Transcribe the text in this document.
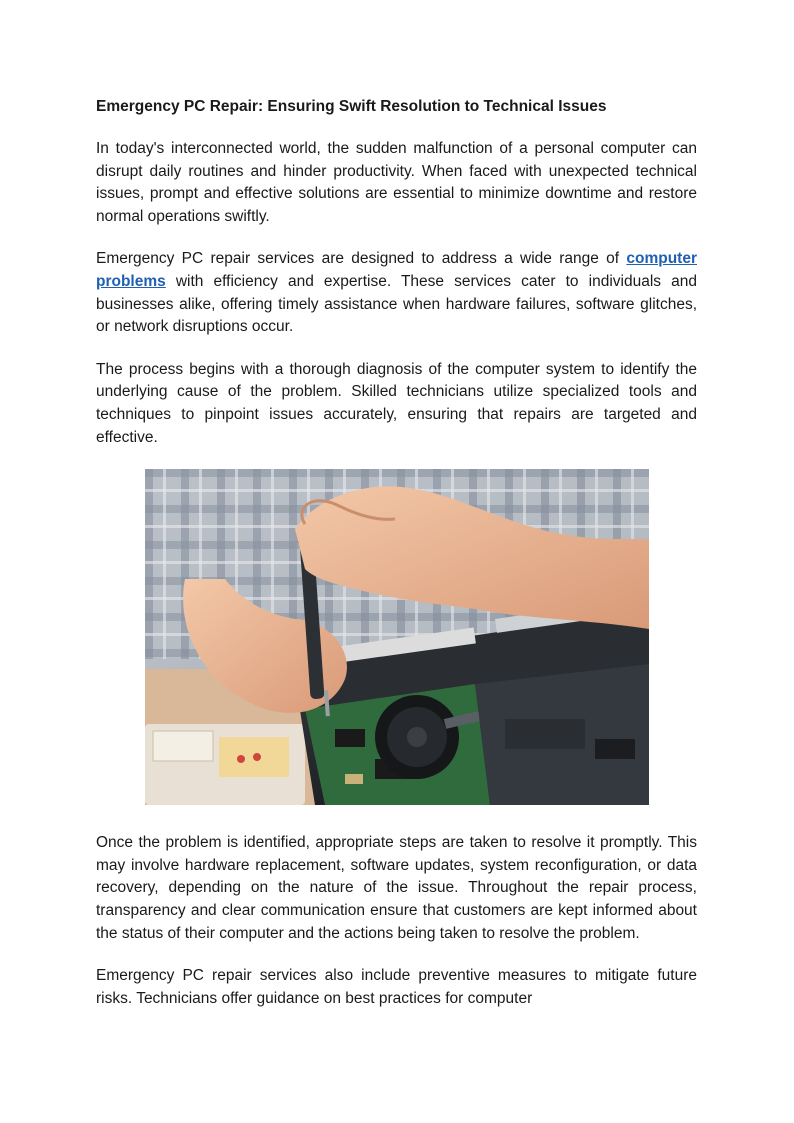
Emergency PC Repair: Ensuring Swift Resolution to Technical Issues

In today's interconnected world, the sudden malfunction of a personal computer can disrupt daily routines and hinder productivity. When faced with unexpected technical issues, prompt and effective solutions are essential to minimize downtime and restore normal operations swiftly.

Emergency PC repair services are designed to address a wide range of computer problems with efficiency and expertise. These services cater to individuals and businesses alike, offering timely assistance when hardware failures, software glitches, or network disruptions occur.

The process begins with a thorough diagnosis of the computer system to identify the underlying cause of the problem. Skilled technicians utilize specialized tools and techniques to pinpoint issues accurately, ensuring that repairs are targeted and effective.

Once the problem is identified, appropriate steps are taken to resolve it promptly. This may involve hardware replacement, software updates, system reconfiguration, or data recovery, depending on the nature of the issue. Throughout the repair process, transparency and clear communication ensure that customers are kept informed about the status of their computer and the actions being taken to resolve the problem.

Emergency PC repair services also include preventive measures to mitigate future risks. Technicians offer guidance on best practices for computer
